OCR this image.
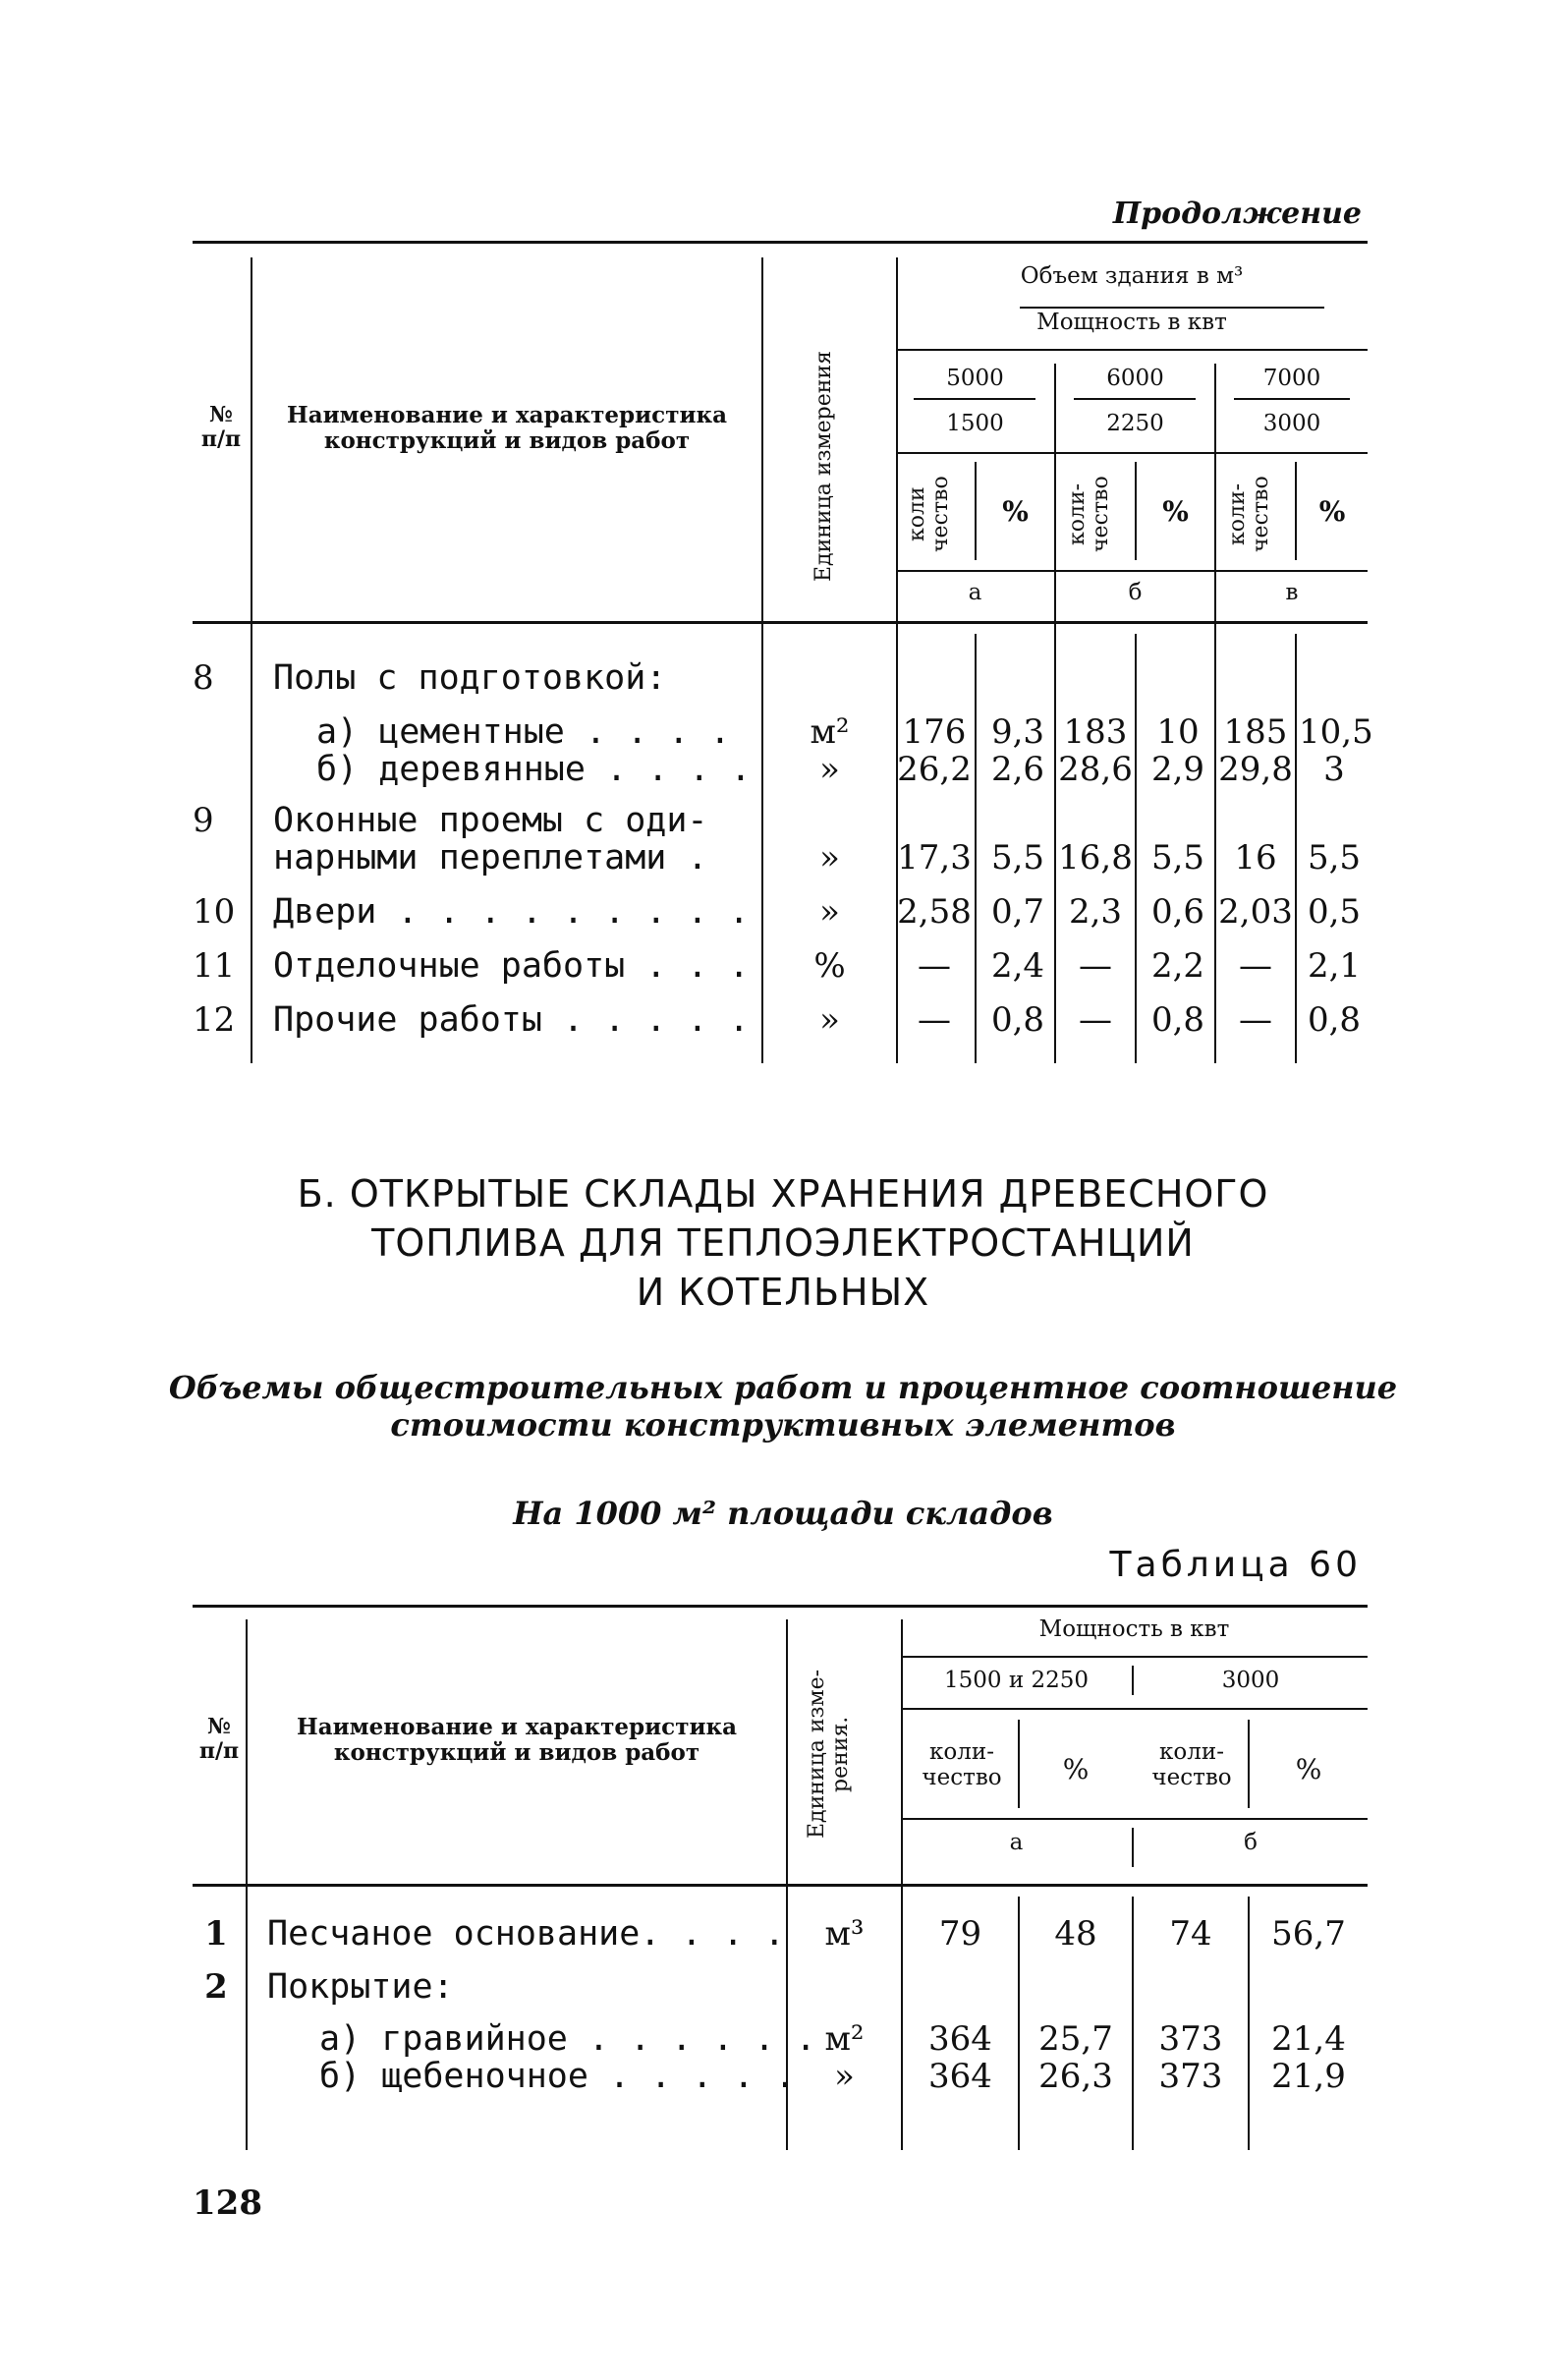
Продолжение
№
п/п
Наименование и характеристика
конструкций и видов работ	Единица измерения
Объем здания в м³
Мощность в квт
5000
1500
коли
чество	%
а
6000
2250
коли-
чество	%
б
7000
3000
коли-
чество	%
в
8	Полы с подготовкой:
а) цементные . . . .	м²	176 9,3 183 10 185 10,5
б) деревянные . . . .	»	26,2 2,6 28,6 2,9 29,8 3
9	Оконные проемы с оди-
нарными переплетами .	»	17,3 5,5 16,8 5,5 16 5,5
10 Двери . . . . . . . . .	»	2,58 0,7 2,3 0,6 2,03 0,5
11 Отделочные работы . . .	%	—	2,4	—	2,2	—	2,1
12 Прочие работы . . . . .	»	—	0,8	—	0,8	—	0,8
Б. ОТКРЫТЫЕ СКЛАДЫ ХРАНЕНИЯ ДРЕВЕСНОГО
ТОПЛИВА ДЛЯ ТЕПЛОЭЛЕКТРОСТАНЦИЙ
И КОТЕЛЬНЫХ
Объемы общестроительных работ и процентное соотношение
стоимости конструктивных элементов
На 1000 м² площади складов
Таблица 60
№
п/п
Наименование и характеристика
конструкций и видов работ	Единица изме-
рения.
Мощность в квт
1500 и 2250
коли-
чество	%
а
3000
коли-
чество	%
б
1 Песчаное основание. . . .	м³	79	48	74	56,7
2 Покрытие:
а) гравийное . . . . . . м²	364	25,7	373	21,4
б) щебеночное . . . . .	»	364	26,3	373	21,9
128
